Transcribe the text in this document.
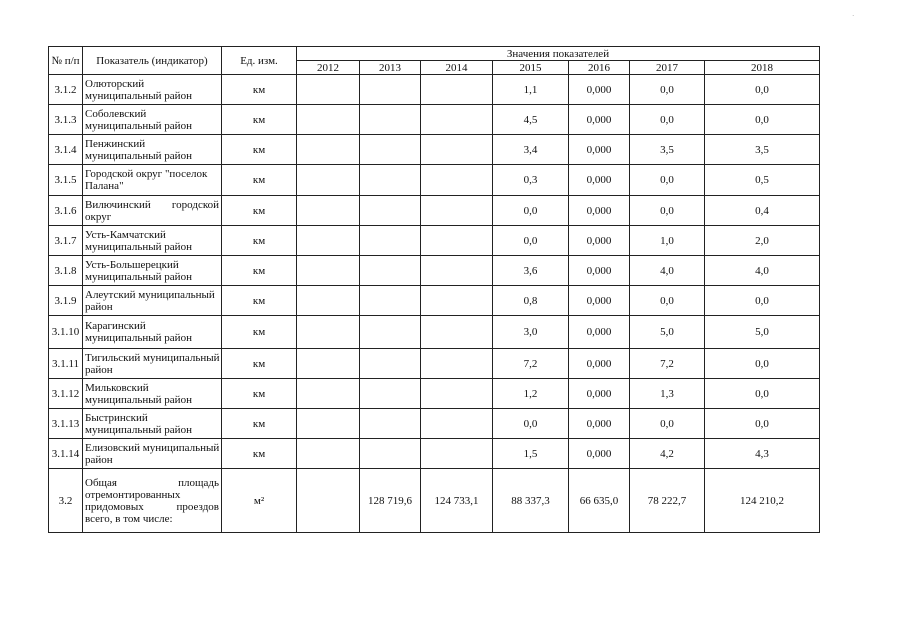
·
№ п/п	Показатель (индикатор)	Ед. изм.	Значения показателей						
			2012	2013	2014	2015	2016	2017	2018
3.1.2	Олюторский муниципальный район	км				1,1	0,000	0,0	0,0
3.1.3	Соболевский муниципальный район	км				4,5	0,000	0,0	0,0
3.1.4	Пенжинский муниципальный район	км				3,4	0,000	3,5	3,5
3.1.5	Городской округ "поселок Палана"	км				0,3	0,000	0,0	0,5
3.1.6	Вилючинский городской округ	км				0,0	0,000	0,0	0,4
3.1.7	Усть-Камчатский муниципальный район	км				0,0	0,000	1,0	2,0
3.1.8	Усть-Большерецкий муниципальный район	км				3,6	0,000	4,0	4,0
3.1.9	Алеутский муниципальный район	км				0,8	0,000	0,0	0,0
3.1.10	Карагинский муниципальный район	км				3,0	0,000	5,0	5,0
3.1.11	Тигильский муниципальный район	км				7,2	0,000	7,2	0,0
3.1.12	Мильковский муниципальный район	км				1,2	0,000	1,3	0,0
3.1.13	Быстринский муниципальный район	км				0,0	0,000	0,0	0,0
3.1.14	Елизовский муниципальный район	км				1,5	0,000	4,2	4,3
3.2	Общая площадь отремонтированных придомовых проездов всего, в том числе:	м²		128 719,6	124 733,1	88 337,3	66 635,0	78 222,7	124 210,2
